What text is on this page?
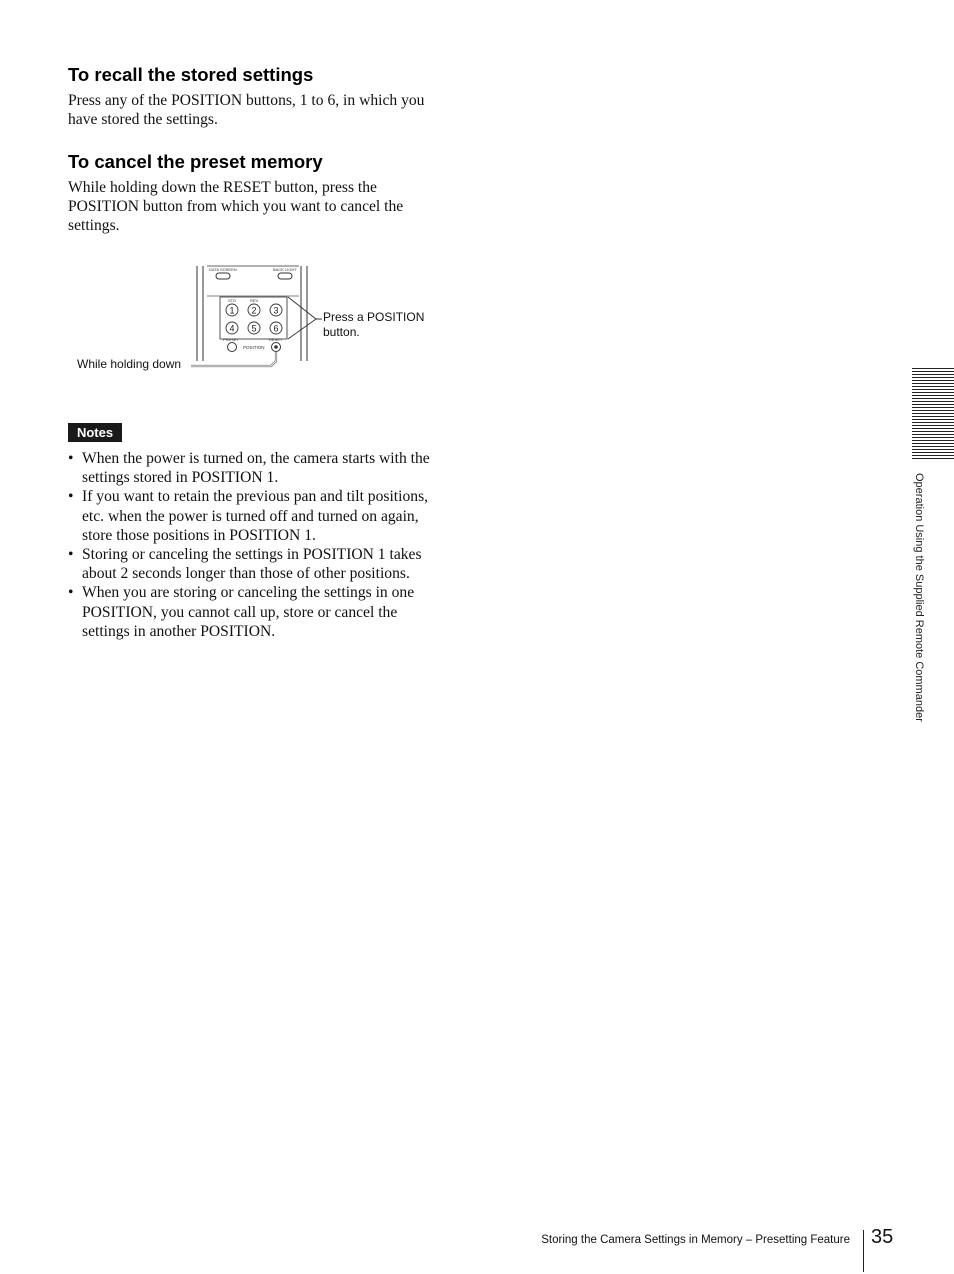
To recall the stored settings

Press any of the POSITION buttons, 1 to 6, in which you have stored the settings.

To cancel the preset memory

While holding down the RESET button, press the POSITION button from which you want to cancel the settings.

DATA SCREEN	BACK LIGHT
STD	REV
PRESET	RESET
POSITION
1 2 3
4 5 6
Press a POSITION button.
While holding down
Notes
• When the power is turned on, the camera starts with the settings stored in POSITION 1.
• If you want to retain the previous pan and tilt positions, etc. when the power is turned off and turned on again, store those positions in POSITION 1.
• Storing or canceling the settings in POSITION 1 takes about 2 seconds longer than those of other positions.
• When you are storing or canceling the settings in one POSITION, you cannot call up, store or cancel the settings in another POSITION.	Operation Using the Supplied Remote Commander
Storing the Camera Settings in Memory – Presetting Feature 35
